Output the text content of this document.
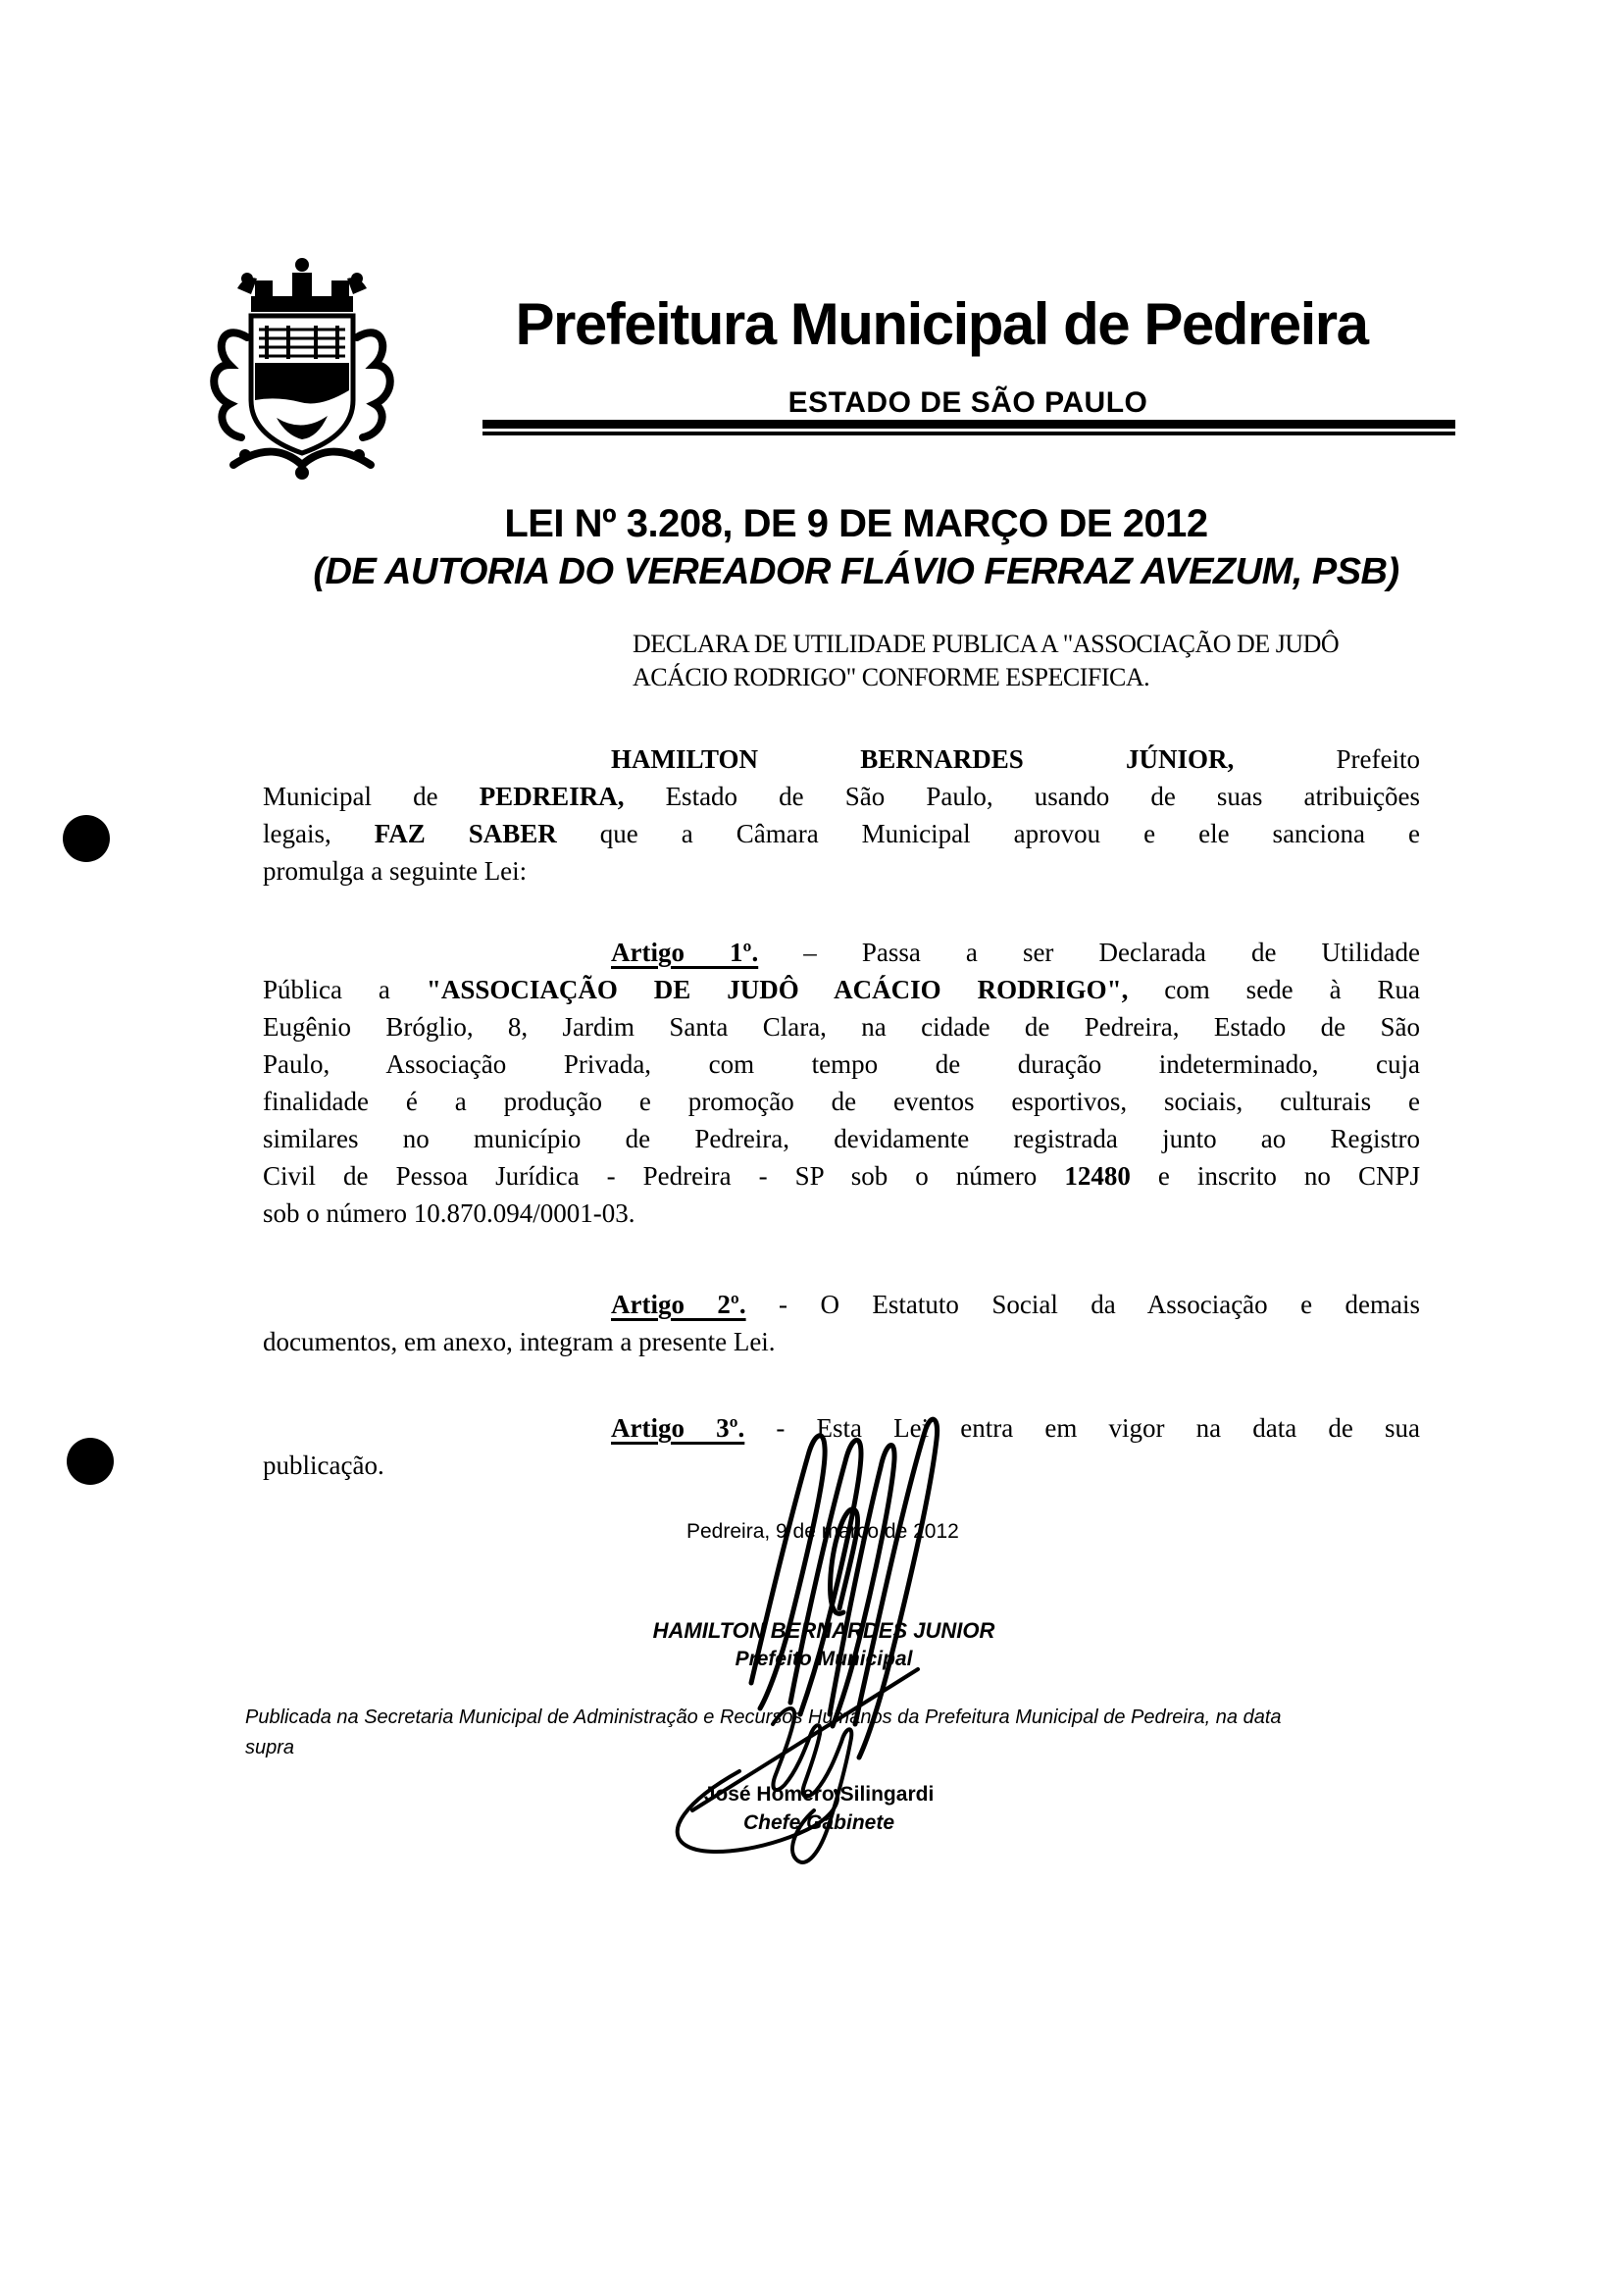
Prefeitura Municipal de Pedreira
ESTADO DE SÃO PAULO
LEI Nº 3.208, DE 9 DE MARÇO DE 2012
(DE AUTORIA DO VEREADOR FLÁVIO FERRAZ AVEZUM, PSB)
DECLARA DE UTILIDADE PUBLICA A "ASSOCIAÇÃO DE JUDÔ
ACÁCIO RODRIGO" CONFORME ESPECIFICA.

HAMILTON BERNARDES JÚNIOR, Prefeito
Municipal de PEDREIRA, Estado de São Paulo, usando de suas atribuições
legais, FAZ SABER que a Câmara Municipal aprovou e ele sanciona e
promulga a seguinte Lei:

Artigo 1º. – Passa a ser Declarada de Utilidade
Pública a "ASSOCIAÇÃO DE JUDÔ ACÁCIO RODRIGO", com sede à Rua
Eugênio Bróglio, 8, Jardim Santa Clara, na cidade de Pedreira, Estado de São
Paulo, Associação Privada, com tempo de duração indeterminado, cuja
finalidade é a produção e promoção de eventos esportivos, sociais, culturais e
similares no município de Pedreira, devidamente registrada junto ao Registro
Civil de Pessoa Jurídica - Pedreira - SP sob o número 12480 e inscrito no CNPJ
sob o número 10.870.094/0001-03.

Artigo 2º. - O Estatuto Social da Associação e demais
documentos, em anexo, integram a presente Lei.

Artigo 3º. - Esta Lei entra em vigor na data de sua
publicação.

Pedreira, 9 de março de 2012
HAMILTON BERNARDES JUNIOR
Prefeito Municipal
Publicada na Secretaria Municipal de Administração e Recursos Humanos da Prefeitura Municipal de Pedreira, na data
supra
José Homero Silingardi
Chefe Gabinete
